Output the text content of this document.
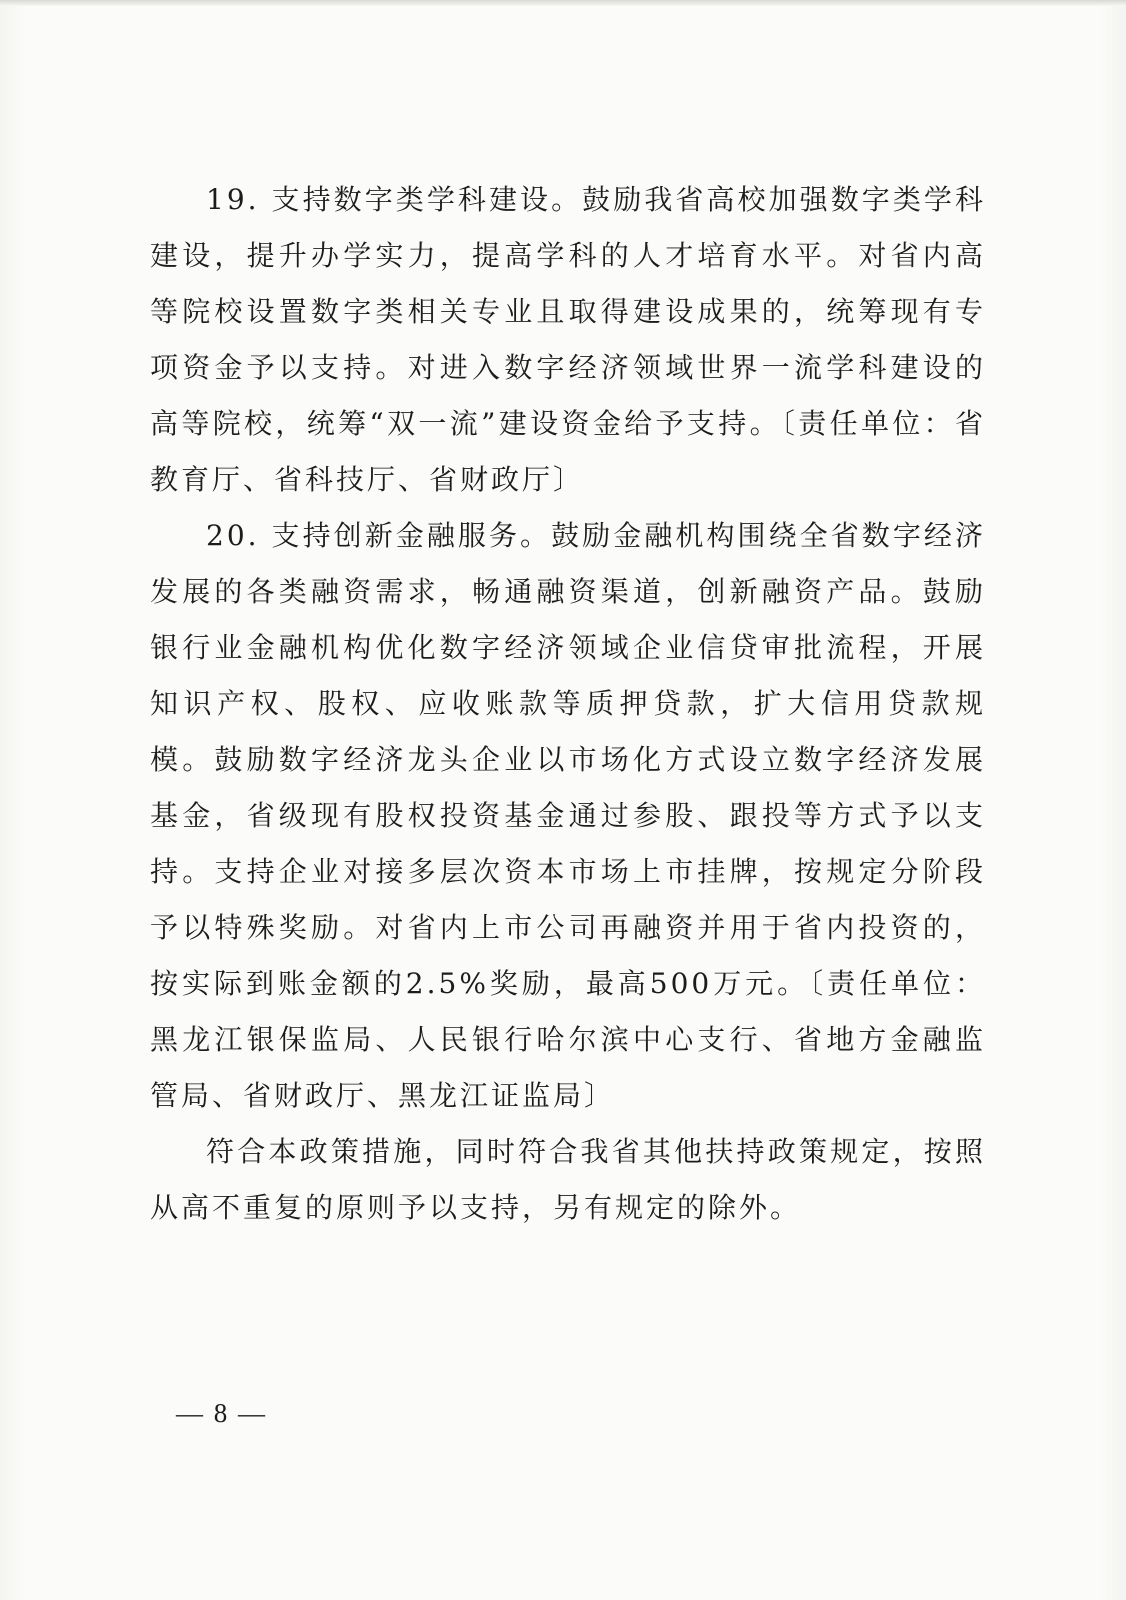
19. 支持数字类学科建设。鼓励我省高校加强数字类学科建设，提升办学实力，提高学科的人才培育水平。对省内高等院校设置数字类相关专业且取得建设成果的，统筹现有专项资金予以支持。对进入数字经济领域世界一流学科建设的高等院校，统筹“双一流”建设资金给予支持。〔责任单位：省教育厅、省科技厅、省财政厅〕

20. 支持创新金融服务。鼓励金融机构围绕全省数字经济发展的各类融资需求，畅通融资渠道，创新融资产品。鼓励银行业金融机构优化数字经济领域企业信贷审批流程，开展知识产权、股权、应收账款等质押贷款，扩大信用贷款规模。鼓励数字经济龙头企业以市场化方式设立数字经济发展基金，省级现有股权投资基金通过参股、跟投等方式予以支持。支持企业对接多层次资本市场上市挂牌，按规定分阶段予以特殊奖励。对省内上市公司再融资并用于省内投资的，按实际到账金额的2.5%奖励，最高500万元。〔责任单位：黑龙江银保监局、人民银行哈尔滨中心支行、省地方金融监管局、省财政厅、黑龙江证监局〕

符合本政策措施，同时符合我省其他扶持政策规定，按照从高不重复的原则予以支持，另有规定的除外。

— 8 —
